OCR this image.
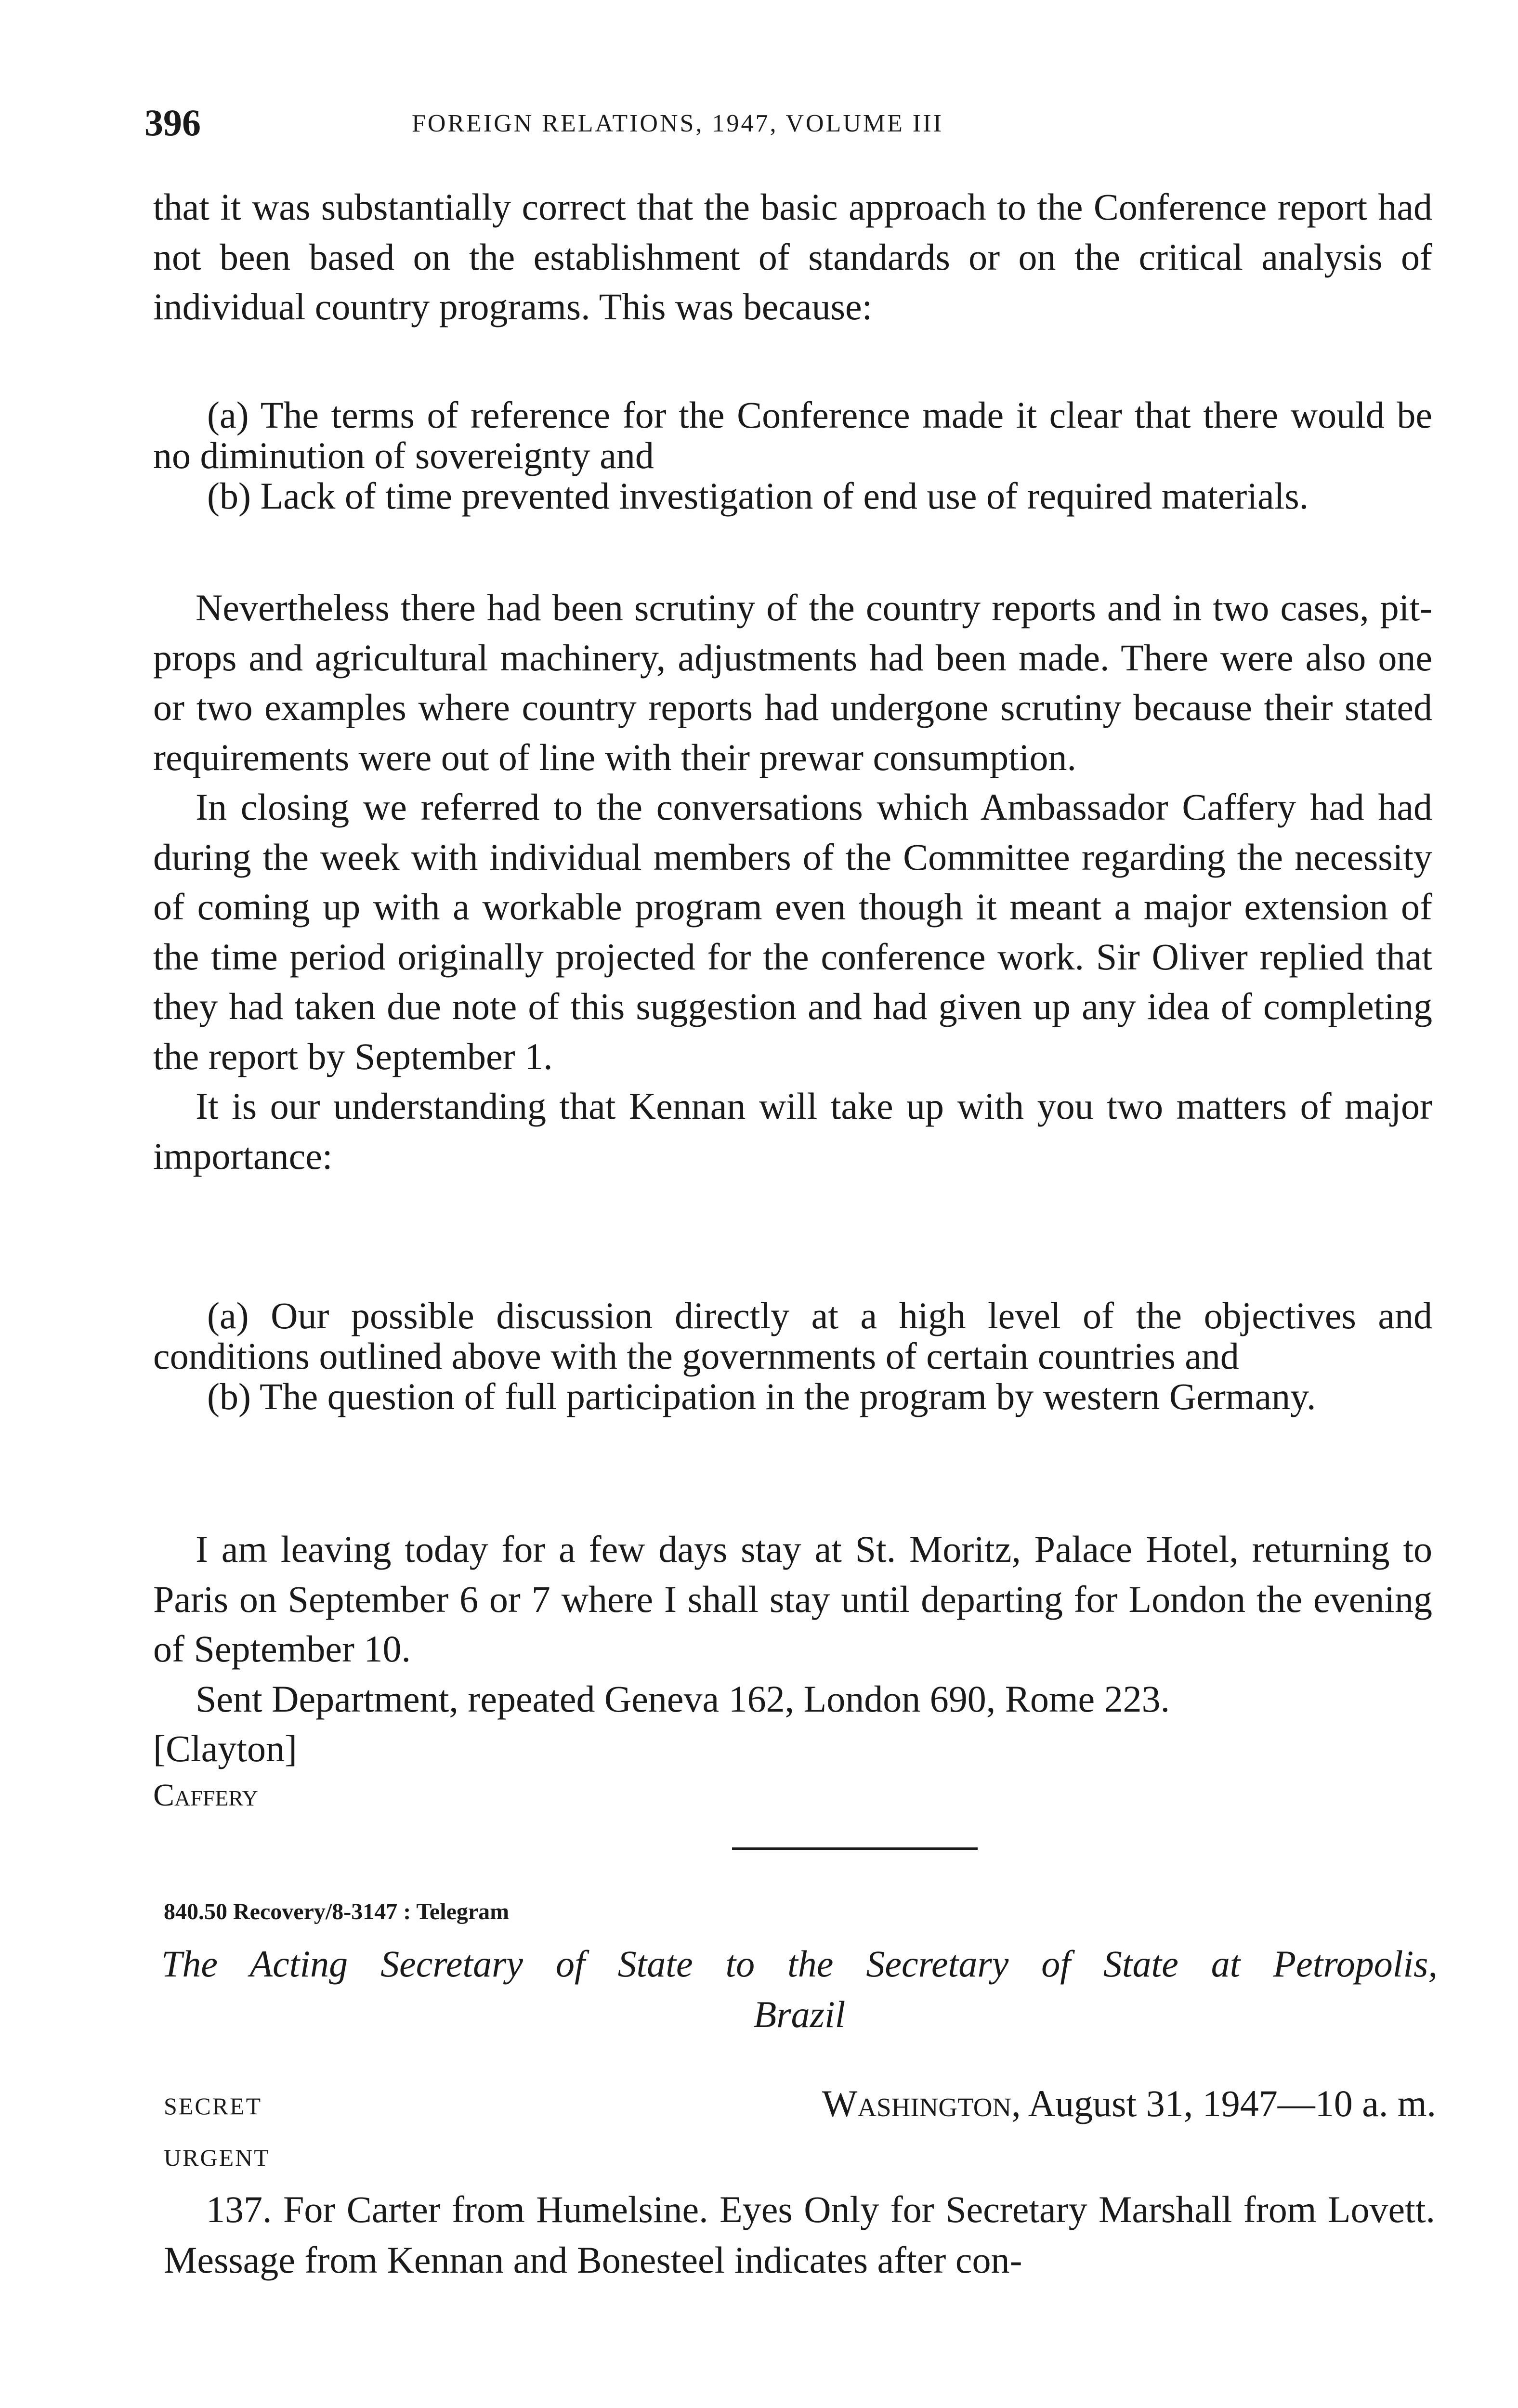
396	FOREIGN RELATIONS, 1947, VOLUME III

that it was substantially correct that the basic approach to the Conference report had not been based on the establishment of standards or on the critical analysis of individual country programs. This was because:

(a) The terms of reference for the Conference made it clear that there would be no diminution of sovereignty and

(b) Lack of time prevented investigation of end use of required materials.

Nevertheless there had been scrutiny of the country reports and in two cases, pit-props and agricultural machinery, adjustments had been made. There were also one or two examples where country reports had undergone scrutiny because their stated requirements were out of line with their prewar consumption.

In closing we referred to the conversations which Ambassador Caffery had had during the week with individual members of the Committee regarding the necessity of coming up with a workable program even though it meant a major extension of the time period originally projected for the conference work. Sir Oliver replied that they had taken due note of this suggestion and had given up any idea of completing the report by September 1.

It is our understanding that Kennan will take up with you two matters of major importance:

(a) Our possible discussion directly at a high level of the objectives and conditions outlined above with the governments of certain countries and

(b) The question of full participation in the program by western Germany.

I am leaving today for a few days stay at St. Moritz, Palace Hotel, returning to Paris on September 6 or 7 where I shall stay until departing for London the evening of September 10.

Sent Department, repeated Geneva 162, London 690, Rome 223.

[Clayton]

Caffery

840.50 Recovery/8-3147 : Telegram
The Acting Secretary of State to the Secretary of State at Petropolis,
Brazil
SECRET	Washington, August 31, 1947—10 a. m.
URGENT

137. For Carter from Humelsine. Eyes Only for Secretary Marshall from Lovett. Message from Kennan and Bonesteel indicates after con-
